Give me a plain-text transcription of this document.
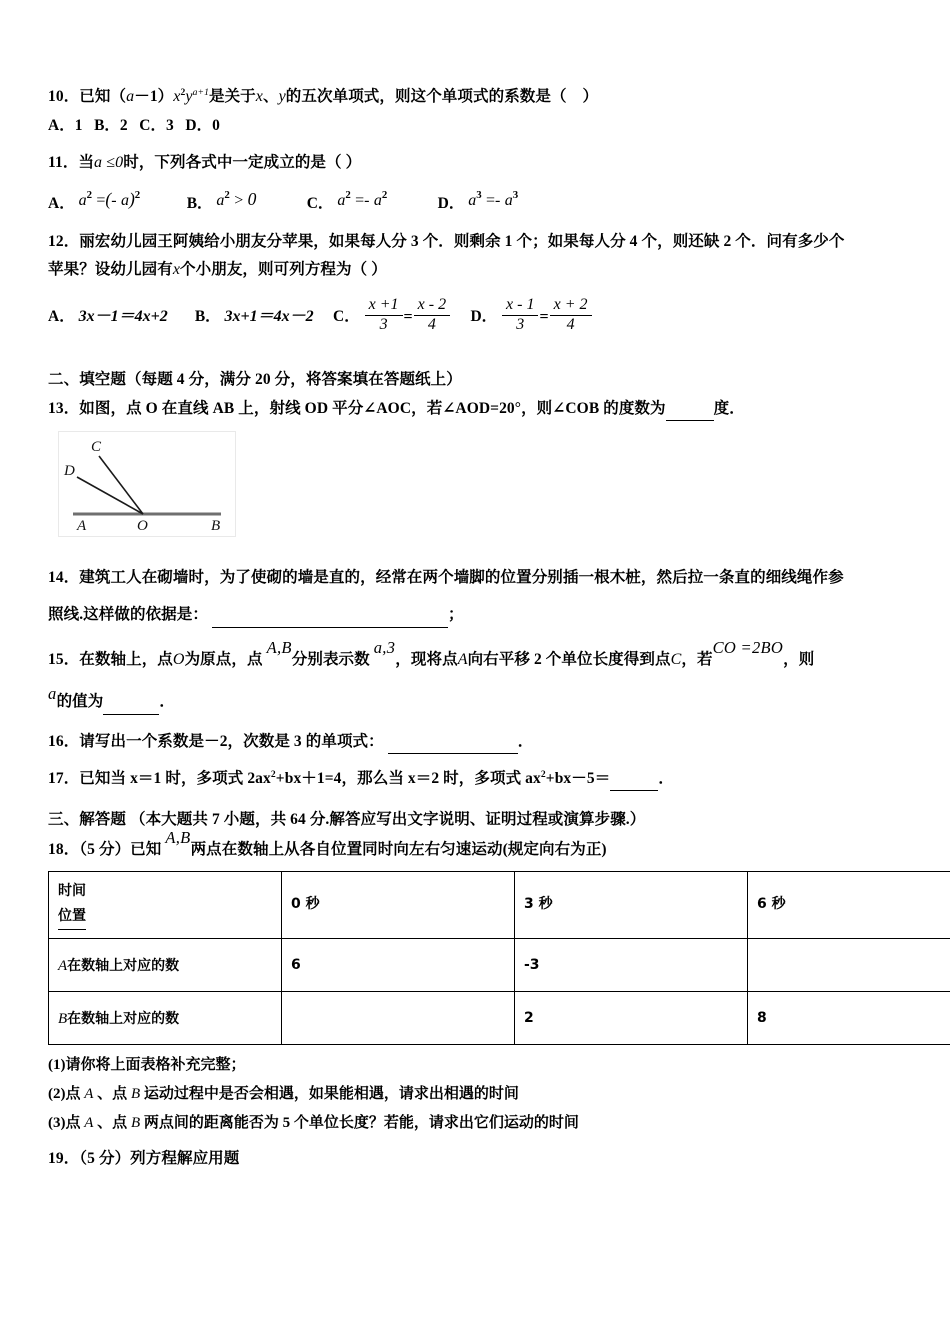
10．已知$(a-1)x^2y^{a+1}$是关于x、y的五次单项式，则这个单项式的系数是（ ）

A．1 B．2 C．3 D．0

11．当a ≤0时，下列各式中一定成立的是（ ）

A． $a^2$ =(- a)$^2$	B． $a^2 > 0$	C． $a^2 =- a^2$	D． $a^3 =- a^3$

12．丽宏幼儿园王阿姨给小朋友分苹果，如果每人分 3 个．则剩余 1 个；如果每人分 4 个，则还缺 2 个．问有多少个

苹果？设幼儿园有x个小朋友，则可列方程为（ ）

A． 3x－1＝4x+2 B． 3x+1＝4x－2 C． $\frac{x +1}{3} = \frac{x - 2}{4}$ D． $\frac{x - 1}{3} = \frac{x + 2}{4}$

二、填空题（每题 4 分，满分 20 分，将答案填在答题纸上）

13．如图，点 O 在直线 AB 上，射线 OD 平分∠AOC，若∠AOD=20°，则∠COB 的度数为	度．

C
D
A	O	B

14．建筑工人在砌墙时，为了使砌的墙是直的，经常在两个墙脚的位置分别插一根木桩，然后拉一条直的细线绳作参

照线.这样做的依据是：	；

15．在数轴上，点O为原点，点 A,B分别表示数 a,3，现将点A向右平移 2 个单位长度得到点C，若CO =2BO，则

a的值为	．

16．请写出一个系数是－2，次数是 3 的单项式：	．

17．已知当 x＝1 时，多项式 $2ax^2+bx+1=4$，那么当 x＝2 时，多项式 $ax^2+bx-5=$	．

三、解答题 （本大题共 7 小题，共 64 分.解答应写出文字说明、证明过程或演算步骤.）

18．（5 分）已知 A,B两点在数轴上从各自位置同时向左右匀速运动(规定向右为正)

时间
位置	0 秒	3 秒	6 秒
A在数轴上对应的数	6	-3	
B在数轴上对应的数		2	8

(1)请你将上面表格补充完整；

(2)点 A 、点 B 运动过程中是否会相遇，如果能相遇，请求出相遇的时间

(3)点 A 、点 B 两点间的距离能否为 5 个单位长度？若能，请求出它们运动的时间

19．（5 分）列方程解应用题
